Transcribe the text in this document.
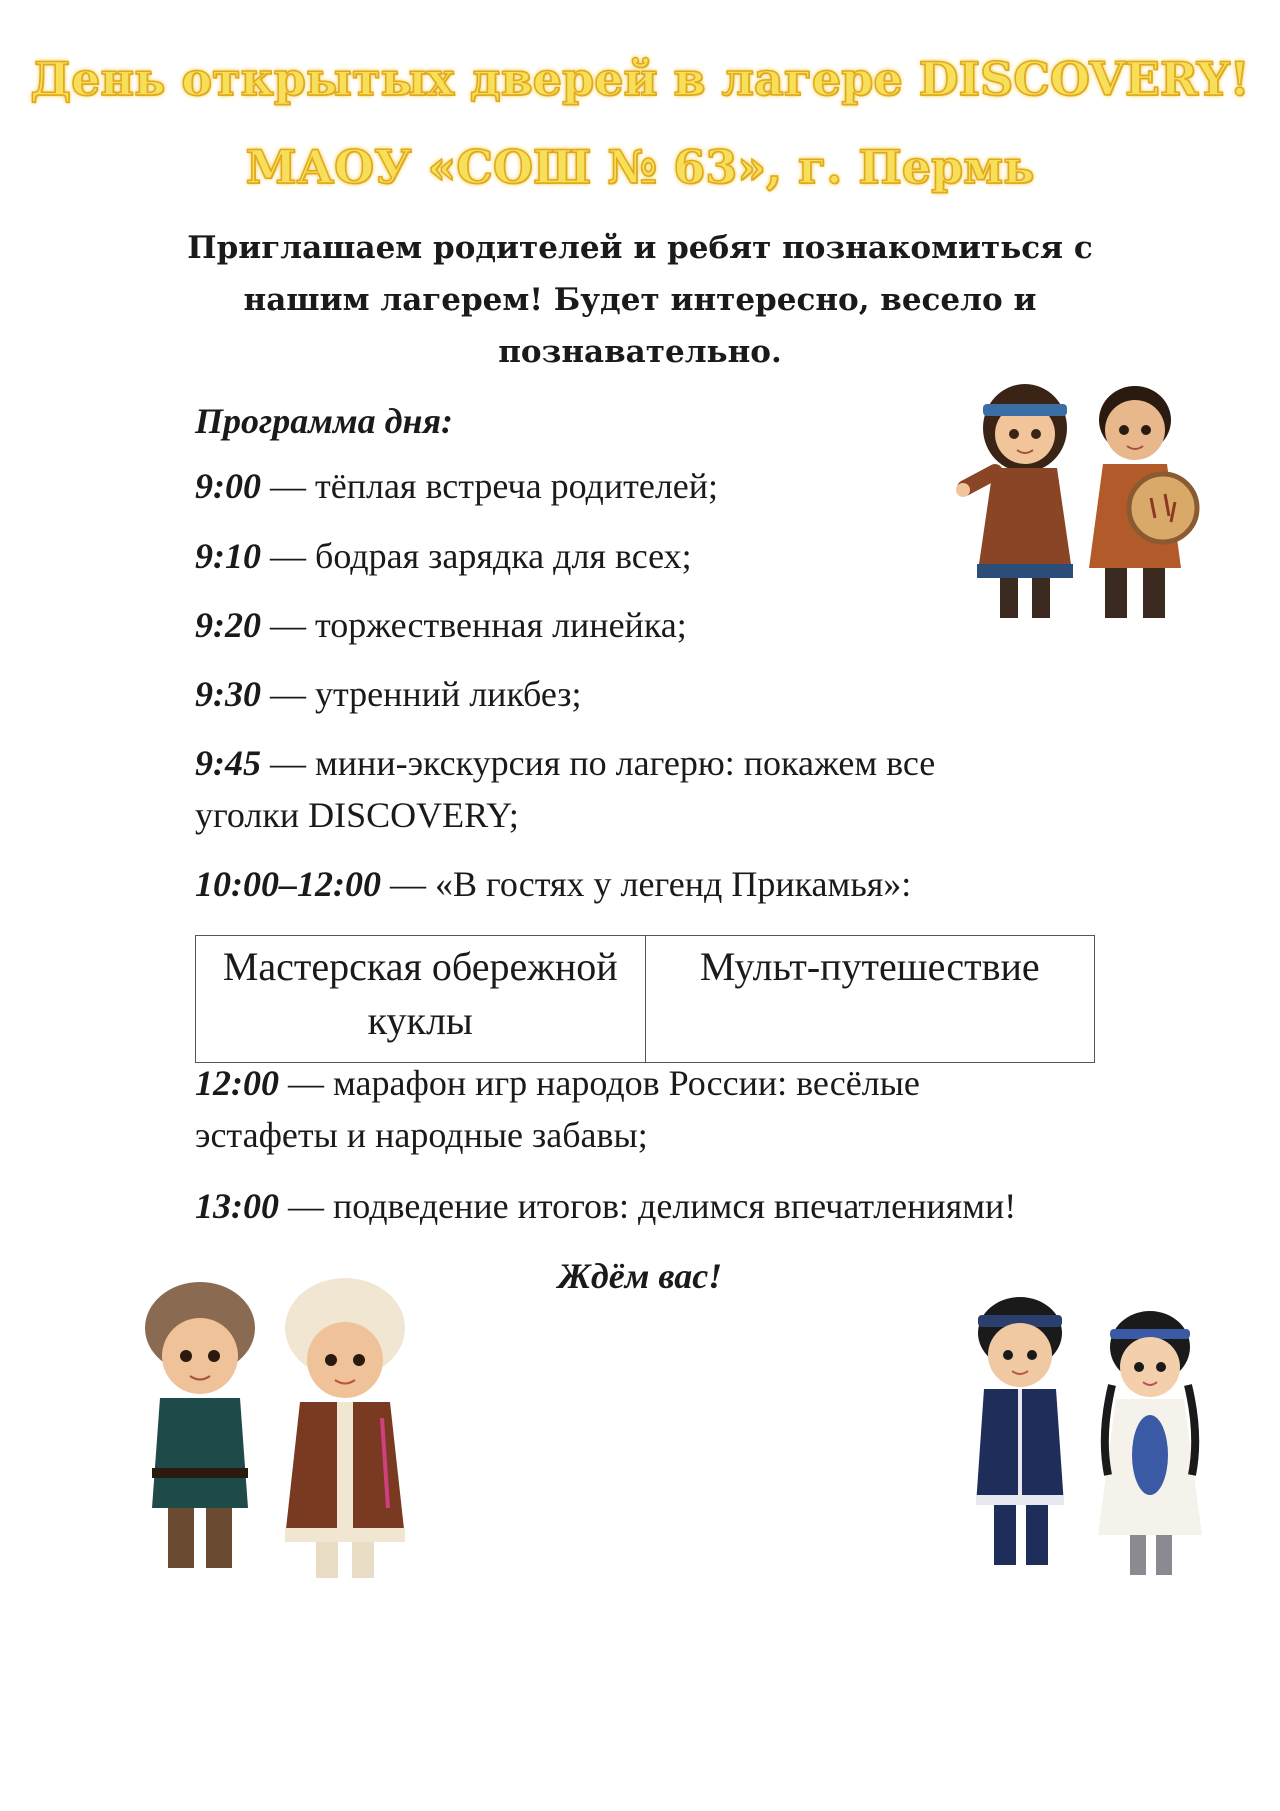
День открытых дверей в лагере DISCOVERY!
МАОУ «СОШ № 63», г. Пермь
Приглашаем родителей и ребят познакомиться с
нашим лагерем! Будет интересно, весело и
познавательно.
Программа дня:
9:00 — тёплая встреча родителей;
9:10 — бодрая зарядка для всех;
9:20 — торжественная линейка;
9:30 — утренний ликбез;
9:45 — мини-экскурсия по лагерю: покажем все уголки DISCOVERY;
10:00–12:00 — «В гостях у легенд Прикамья»:
Мастерская обережной куклы	Мульт-путешествие
12:00 — марафон игр народов России: весёлые эстафеты и народные забавы;
13:00 — подведение итогов: делимся впечатлениями!
Ждём вас!
